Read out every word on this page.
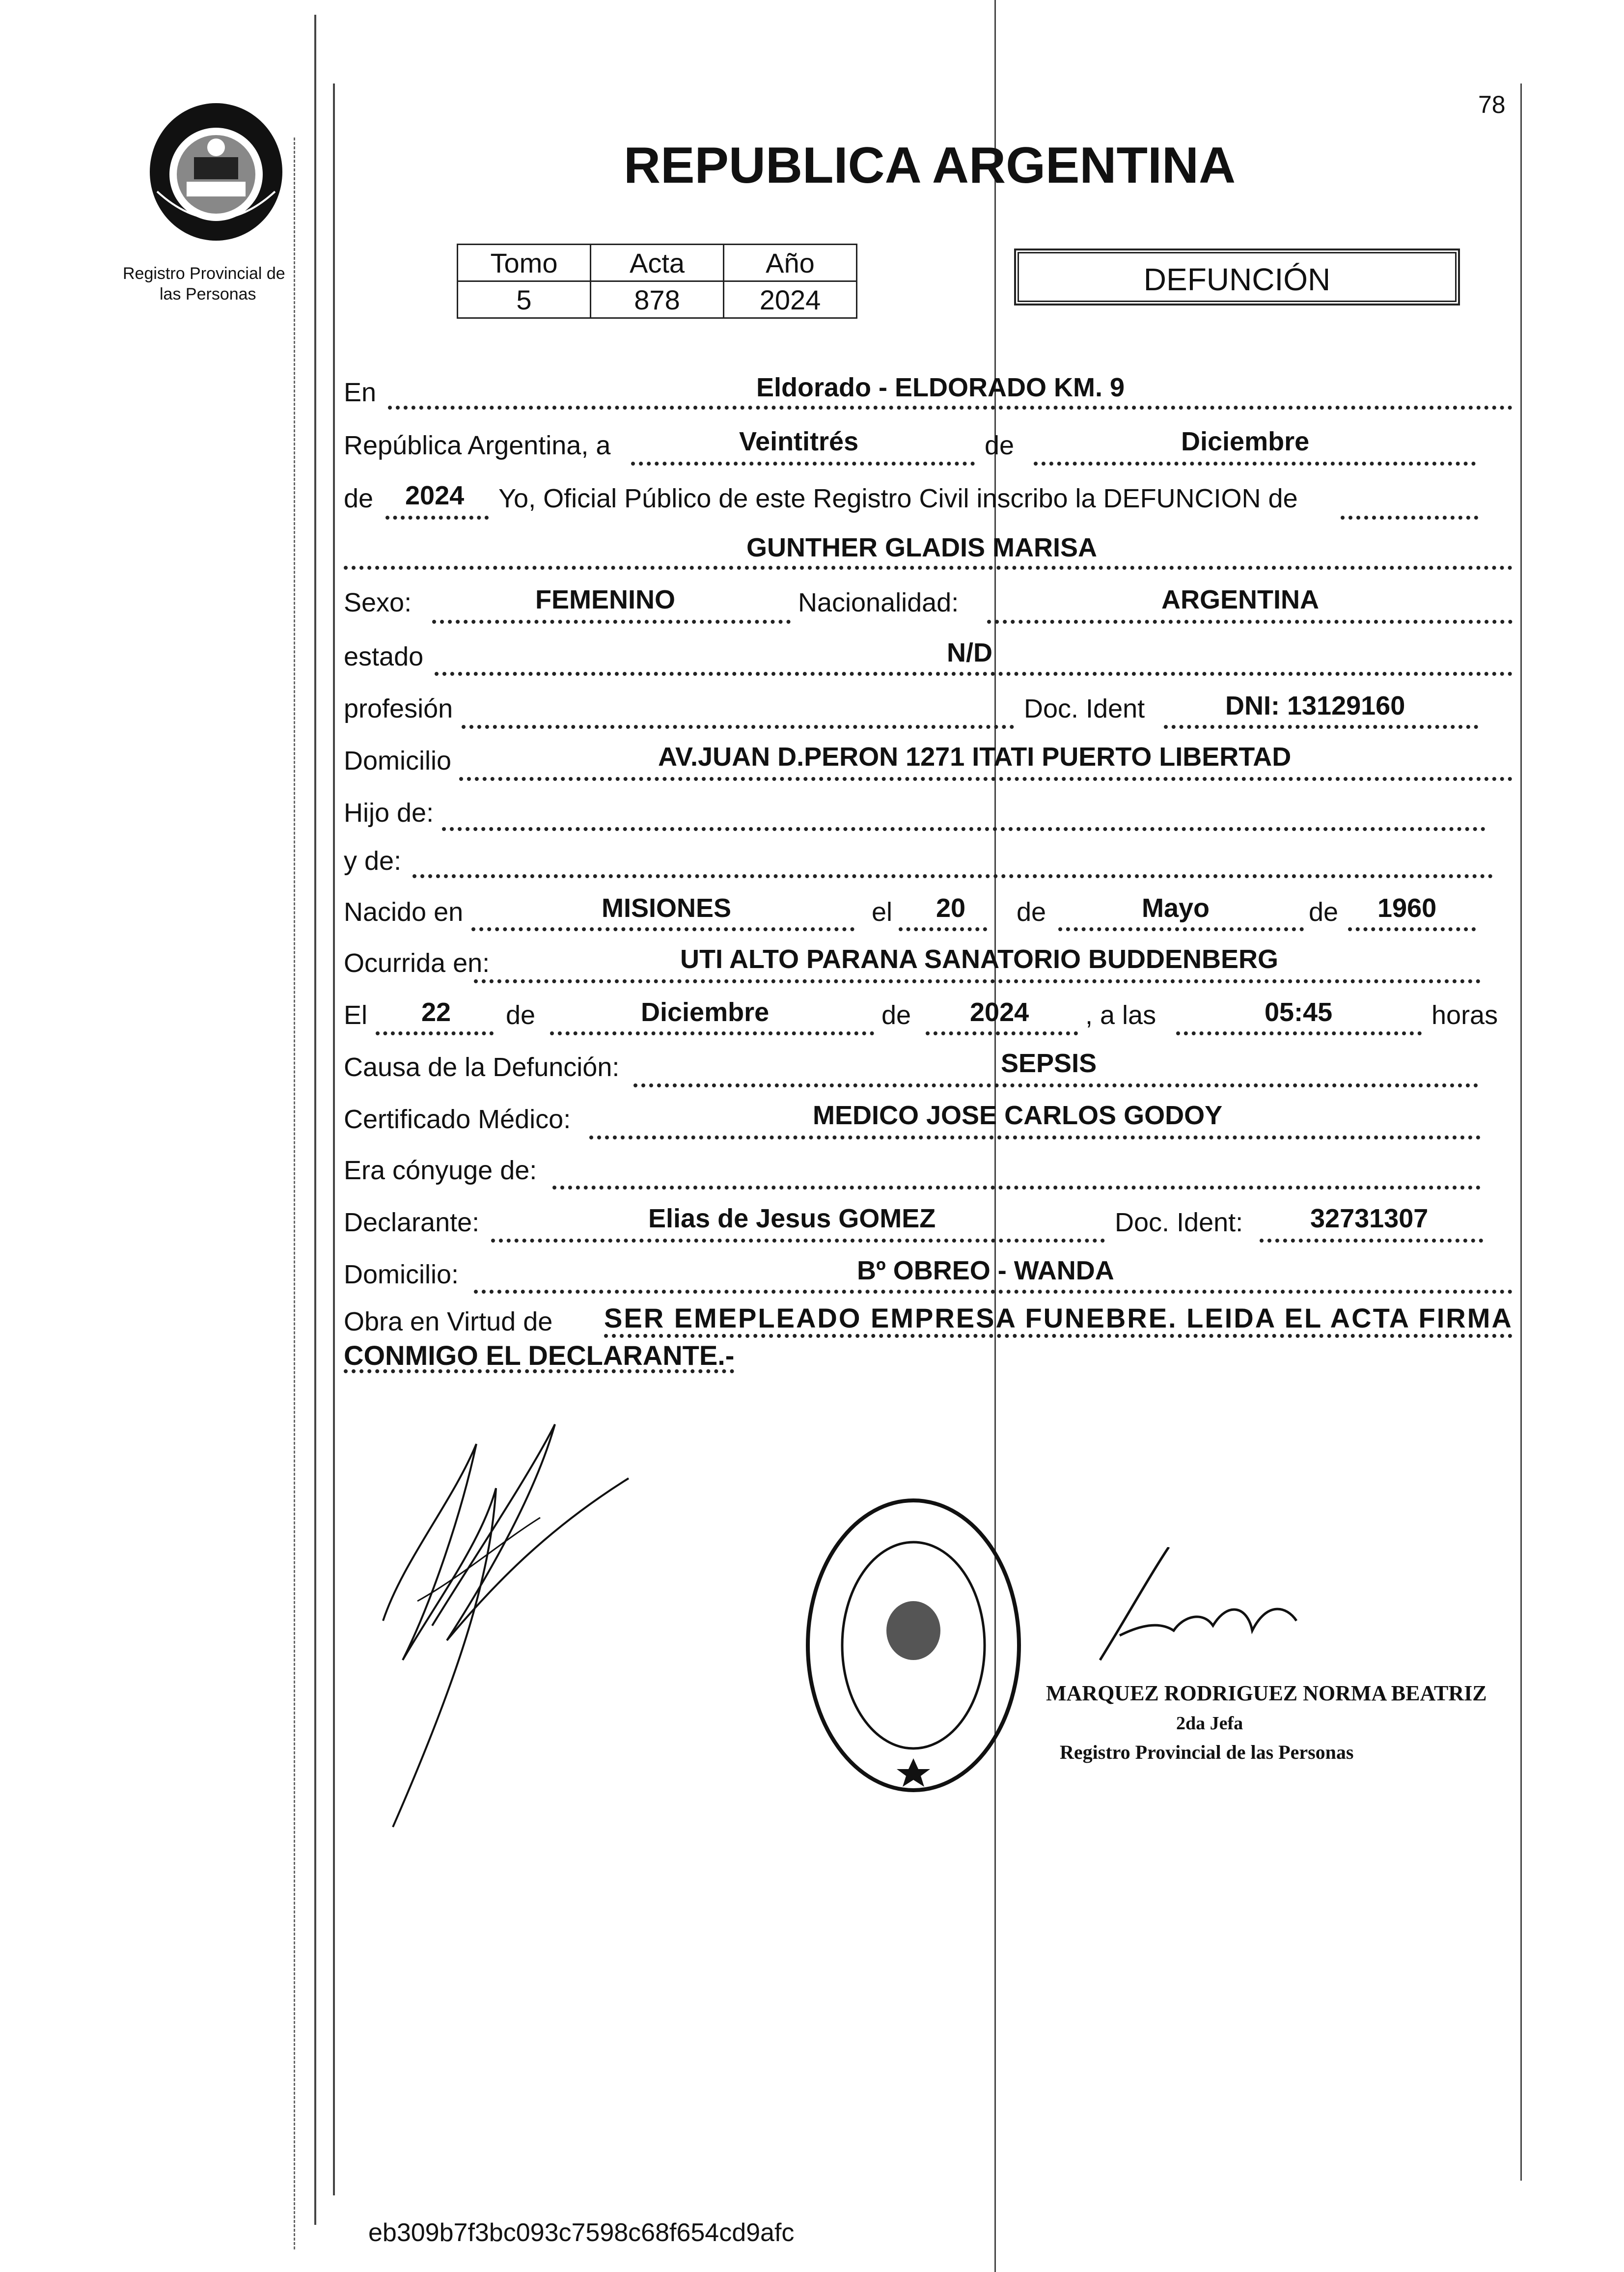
Registro Provincial de
las Personas
78
REPUBLICA ARGENTINA
Tomo	Acta	Año
5	878	2024
DEFUNCIÓN
En	Eldorado - ELDORADO KM. 9
República Argentina, a	Veintitrés	de	Diciembre
de 2024 Yo, Oficial Público de este Registro Civil inscribo la DEFUNCION de
GUNTHER GLADIS MARISA
Sexo:	FEMENINO	Nacionalidad:	ARGENTINA
estado	N/D
profesión	Doc. Ident	DNI: 13129160
Domicilio	AV.JUAN D.PERON 1271 ITATI PUERTO LIBERTAD
Hijo de:
y de:
Nacido en	MISIONES	el 20 de	Mayo	de 1960
Ocurrida en:	UTI ALTO PARANA SANATORIO BUDDENBERG
El 22 de	Diciembre	de 2024 , a las	05:45	horas
Causa de la Defunción:	SEPSIS
Certificado Médico:	MEDICO JOSE CARLOS GODOY
Era cónyuge de:
Declarante:	Elias de Jesus GOMEZ	Doc. Ident:	32731307
Domicilio:	Bº OBREO - WANDA
Obra en Virtud de SER EMEPLEADO EMPRESA FUNEBRE. LEIDA EL ACTA FIRMA
CONMIGO EL DECLARANTE.-
MARQUEZ RODRIGUEZ NORMA BEATRIZ
2da Jefa
Registro Provincial de las Personas
eb309b7f3bc093c7598c68f654cd9afc
